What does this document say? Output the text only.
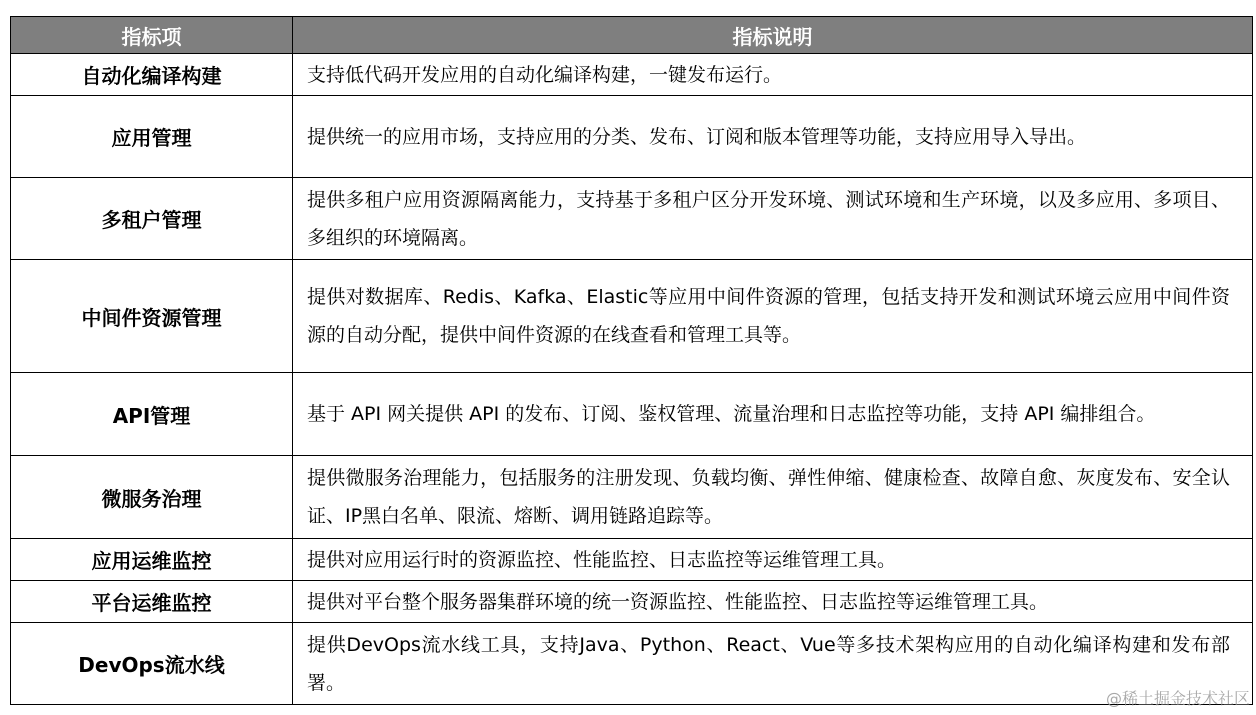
指标项	指标说明
自动化编译构建	支持低代码开发应用的自动化编译构建，一键发布运行。
应用管理	提供统一的应用市场，支持应用的分类、发布、订阅和版本管理等功能，支持应用导入导出。
多租户管理	提供多租户应用资源隔离能力，支持基于多租户区分开发环境、测试环境和生产环境，以及多应用、多项目、多组织的环境隔离。
中间件资源管理	提供对数据库、Redis、Kafka、Elastic等应用中间件资源的管理，包括支持开发和测试环境云应用中间件资源的自动分配，提供中间件资源的在线查看和管理工具等。
API管理	基于 API 网关提供 API 的发布、订阅、鉴权管理、流量治理和日志监控等功能，支持 API 编排组合。
微服务治理	提供微服务治理能力，包括服务的注册发现、负载均衡、弹性伸缩、健康检查、故障自愈、灰度发布、安全认证、IP黑白名单、限流、熔断、调用链路追踪等。
应用运维监控	提供对应用运行时的资源监控、性能监控、日志监控等运维管理工具。
平台运维监控	提供对平台整个服务器集群环境的统一资源监控、性能监控、日志监控等运维管理工具。
DevOps流水线	提供DevOps流水线工具，支持Java、Python、React、Vue等多技术架构应用的自动化编译构建和发布部署。
@稀土掘金技术社区
